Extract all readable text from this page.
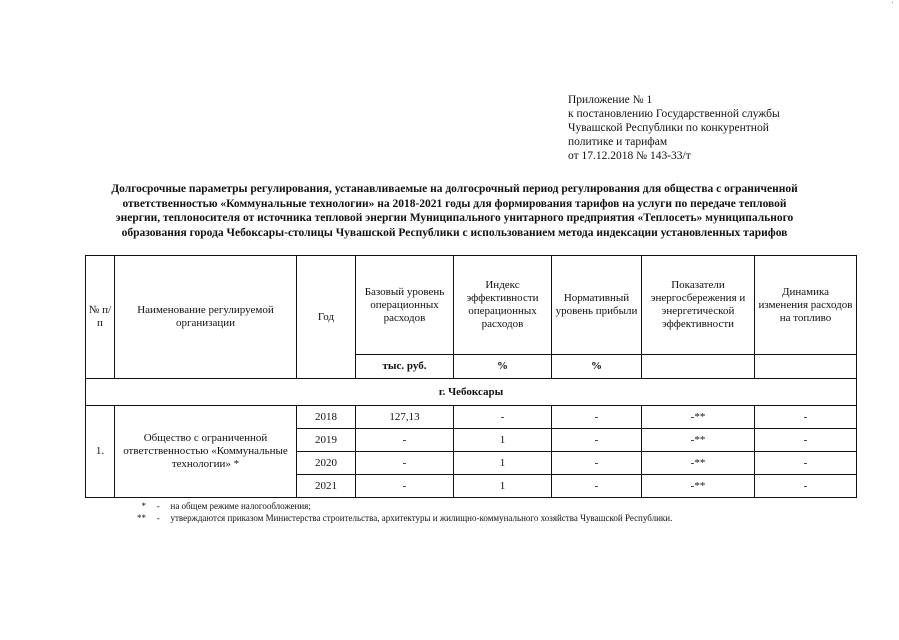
'
Приложение № 1
к постановлению Государственной службы
Чувашской Республики по конкурентной
политике и тарифам
от 17.12.2018 № 143-33/т
Долгосрочные параметры регулирования, устанавливаемые на долгосрочный период регулирования для общества с ограниченной
ответственностью «Коммунальные технологии» на 2018-2021 годы для формирования тарифов на услуги по передаче тепловой
энергии, теплоносителя от источника тепловой энергии Муниципального унитарного предприятия «Теплосеть» муниципального
образования города Чебоксары-столицы Чувашской Республики с использованием метода индексации установленных тарифов
№ п/п	Наименование регулируемой организации	Год	Базовый уровень операционных расходов	Индекс эффективности операционных расходов	Нормативный уровень прибыли	Показатели энергосбережения и энергетической эффективности	Динамика изменения расходов на топливо
			тыс. руб.	%	%		
г. Чебоксары							
1.	Общество с ограниченной ответственностью «Коммунальные технологии» *	2018	127,13	-	-	-**	-
		2019	-	1	-	-**	-
		2020	-	1	-	-**	-
		2021	-	1	-	-**	-
* - на общем режиме налогообложения;
** - утверждаются приказом Министерства строительства, архитектуры и жилищно-коммунального хозяйства Чувашской Республики.
